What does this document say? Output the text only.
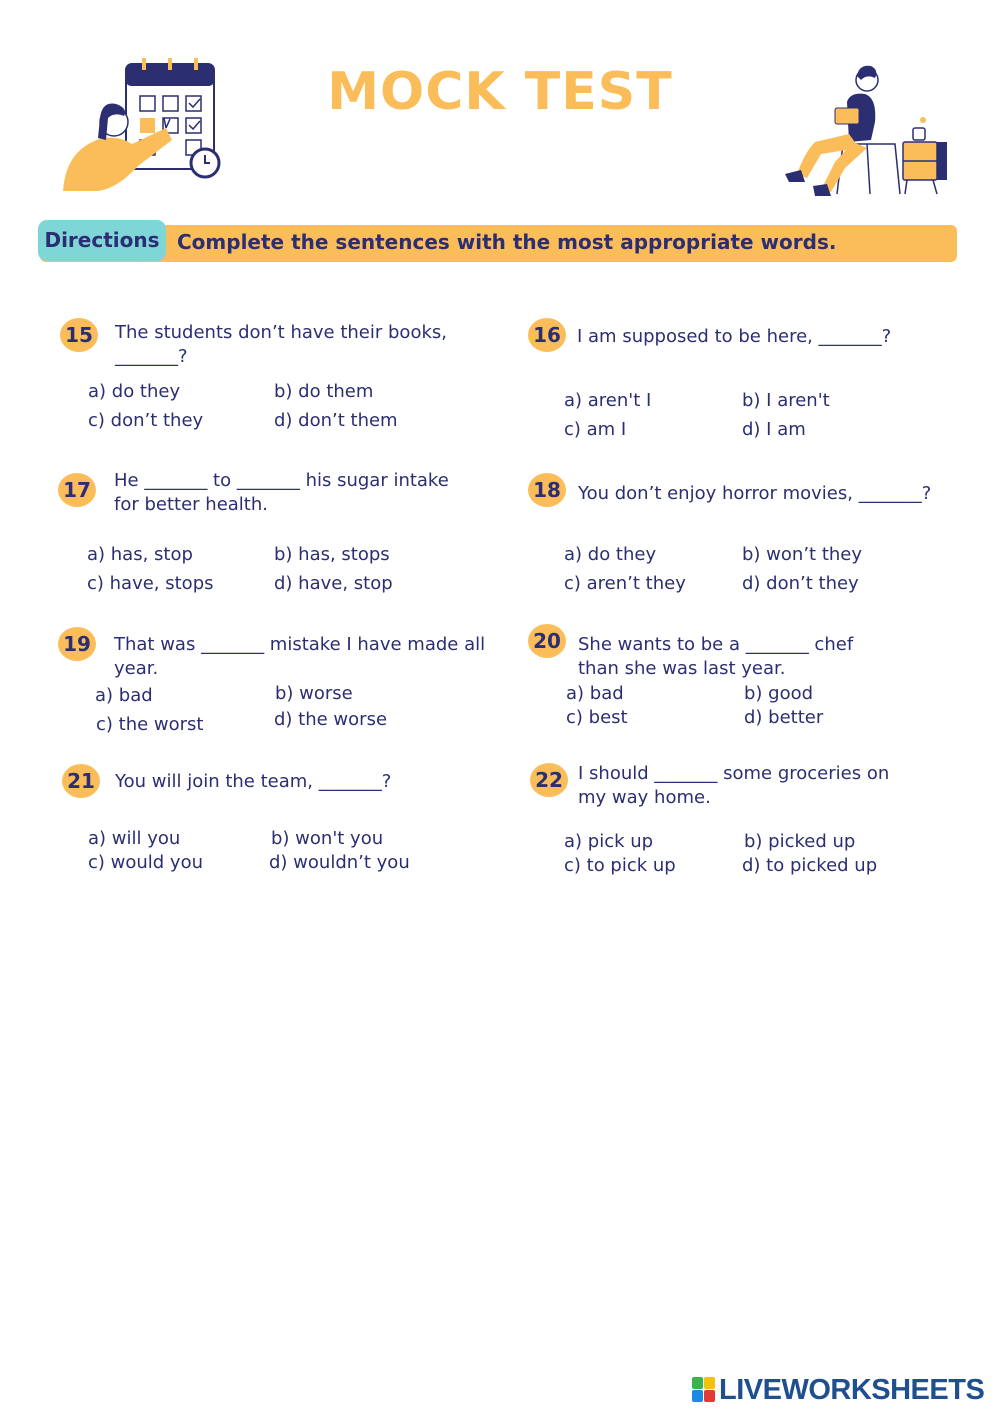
MOCK TEST
Directions Complete the sentences with the most appropriate words.
15 The students don’t have their books, _______?
a) do they	b) do them
c) don’t they	d) don’t them
16 I am supposed to be here, _______?
a) aren't I	b) I aren't
c) am I	d) I am
17 He _______ to _______ his sugar intake for better health.
a) has, stop	b) has, stops
c) have, stops	d) have, stop
18 You don’t enjoy horror movies, _______?
a) do they	b) won’t they
c) aren’t they	d) don’t they
19 That was _______ mistake I have made all year.
a) bad	b) worse
c) the worst	d) the worse
20 She wants to be a _______ chef than she was last year.
a) bad	b) good
c) best	d) better
21 You will join the team, _______?
a) will you	b) won't you
c) would you	d) wouldn’t you
22 I should _______ some groceries on my way home.
a) pick up	b) picked up
c) to pick up	d) to picked up
LIVEWORKSHEETS
